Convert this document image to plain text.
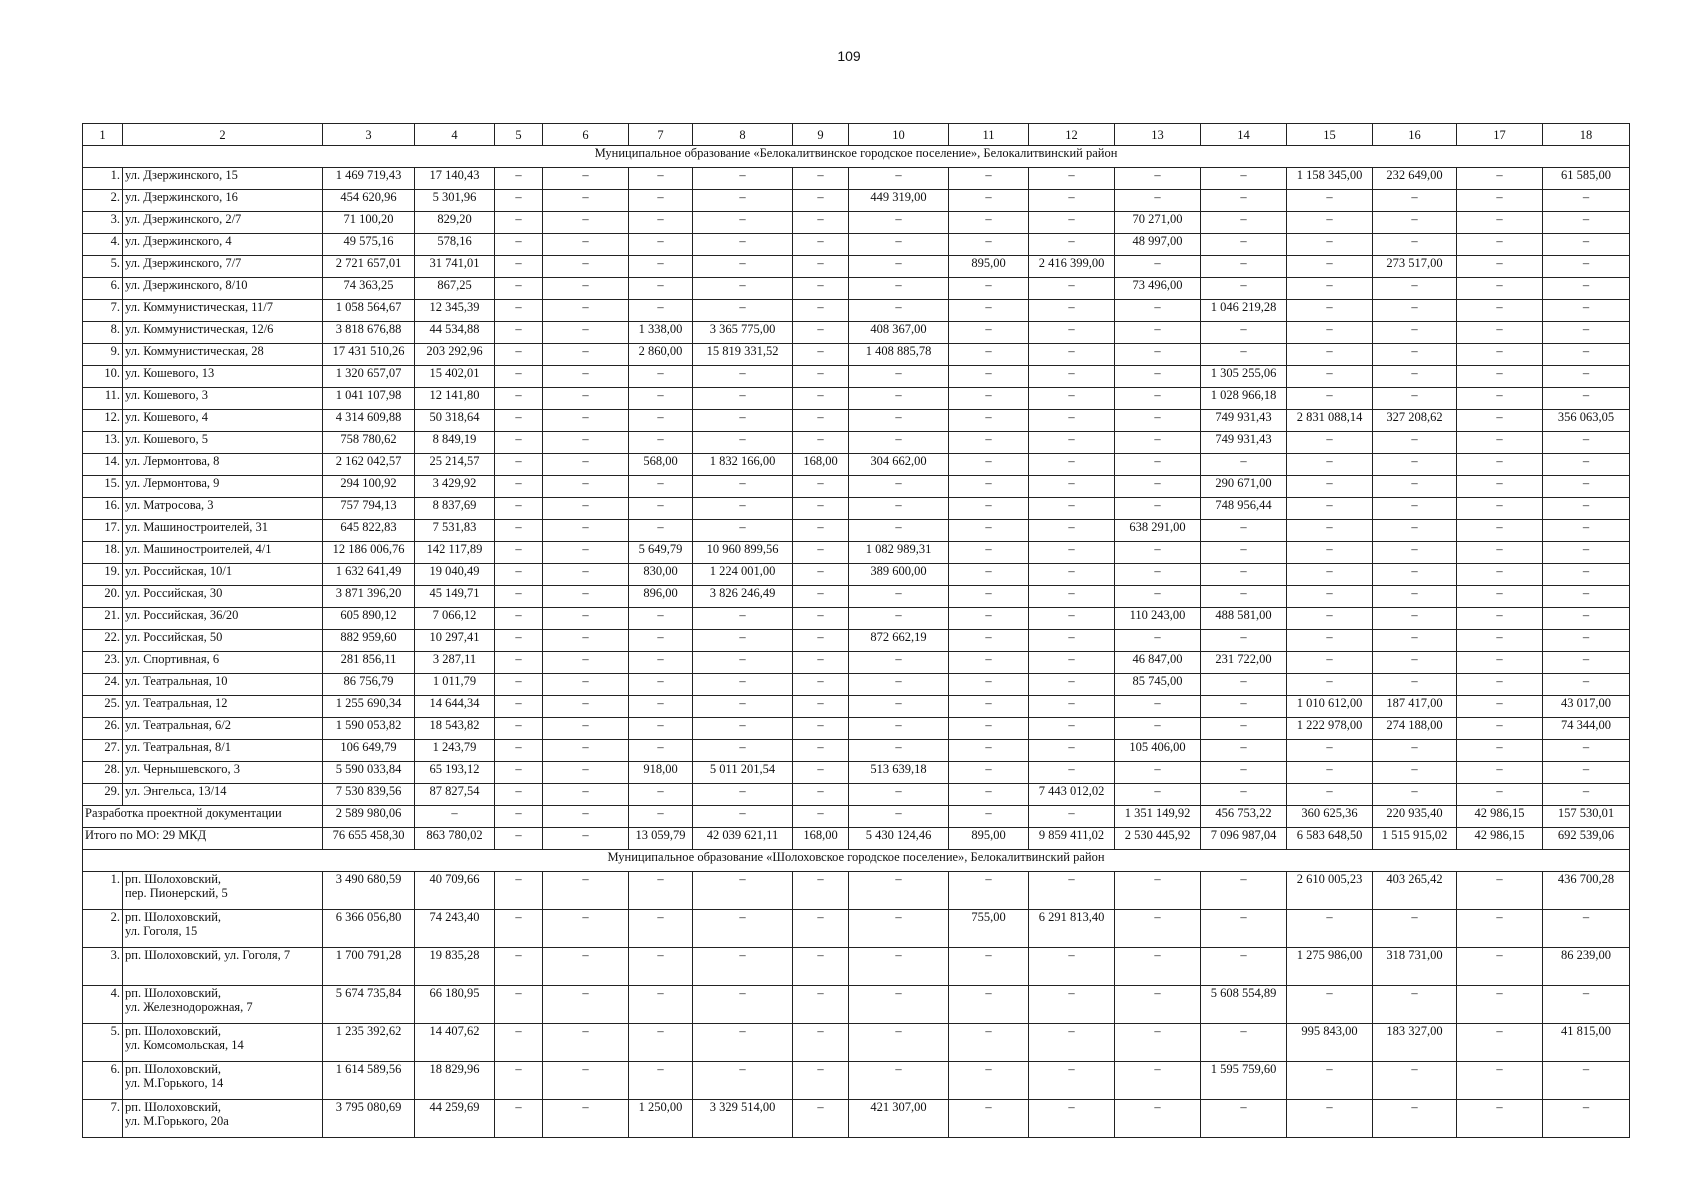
109
1	2	3	4	5	6	7	8	9	10	11	12	13	14	15	16	17	18
Муниципальное образование «Белокалитвинское городское поселение», Белокалитвинский район																	
1.	ул. Дзержинского, 15	1 469 719,43	17 140,43	–	–	–	–	–	–	–	–	–	–	1 158 345,00	232 649,00	–	61 585,00
2.	ул. Дзержинского, 16	454 620,96	5 301,96	–	–	–	–	–	449 319,00	–	–	–	–	–	–	–	–
3.	ул. Дзержинского, 2/7	71 100,20	829,20	–	–	–	–	–	–	–	–	70 271,00	–	–	–	–	–
4.	ул. Дзержинского, 4	49 575,16	578,16	–	–	–	–	–	–	–	–	48 997,00	–	–	–	–	–
5.	ул. Дзержинского, 7/7	2 721 657,01	31 741,01	–	–	–	–	–	–	895,00	2 416 399,00	–	–	–	273 517,00	–	–
6.	ул. Дзержинского, 8/10	74 363,25	867,25	–	–	–	–	–	–	–	–	73 496,00	–	–	–	–	–
7.	ул. Коммунистическая, 11/7	1 058 564,67	12 345,39	–	–	–	–	–	–	–	–	–	1 046 219,28	–	–	–	–
8.	ул. Коммунистическая, 12/6	3 818 676,88	44 534,88	–	–	1 338,00	3 365 775,00	–	408 367,00	–	–	–	–	–	–	–	–
9.	ул. Коммунистическая, 28	17 431 510,26	203 292,96	–	–	2 860,00	15 819 331,52	–	1 408 885,78	–	–	–	–	–	–	–	–
10.	ул. Кошевого, 13	1 320 657,07	15 402,01	–	–	–	–	–	–	–	–	–	1 305 255,06	–	–	–	–
11.	ул. Кошевого, 3	1 041 107,98	12 141,80	–	–	–	–	–	–	–	–	–	1 028 966,18	–	–	–	–
12.	ул. Кошевого, 4	4 314 609,88	50 318,64	–	–	–	–	–	–	–	–	–	749 931,43	2 831 088,14	327 208,62	–	356 063,05
13.	ул. Кошевого, 5	758 780,62	8 849,19	–	–	–	–	–	–	–	–	–	749 931,43	–	–	–	–
14.	ул. Лермонтова, 8	2 162 042,57	25 214,57	–	–	568,00	1 832 166,00	168,00	304 662,00	–	–	–	–	–	–	–	–
15.	ул. Лермонтова, 9	294 100,92	3 429,92	–	–	–	–	–	–	–	–	–	290 671,00	–	–	–	–
16.	ул. Матросова, 3	757 794,13	8 837,69	–	–	–	–	–	–	–	–	–	748 956,44	–	–	–	–
17.	ул. Машиностроителей, 31	645 822,83	7 531,83	–	–	–	–	–	–	–	–	638 291,00	–	–	–	–	–
18.	ул. Машиностроителей, 4/1	12 186 006,76	142 117,89	–	–	5 649,79	10 960 899,56	–	1 082 989,31	–	–	–	–	–	–	–	–
19.	ул. Российская, 10/1	1 632 641,49	19 040,49	–	–	830,00	1 224 001,00	–	389 600,00	–	–	–	–	–	–	–	–
20.	ул. Российская, 30	3 871 396,20	45 149,71	–	–	896,00	3 826 246,49	–	–	–	–	–	–	–	–	–	–
21.	ул. Российская, 36/20	605 890,12	7 066,12	–	–	–	–	–	–	–	–	110 243,00	488 581,00	–	–	–	–
22.	ул. Российская, 50	882 959,60	10 297,41	–	–	–	–	–	872 662,19	–	–	–	–	–	–	–	–
23.	ул. Спортивная, 6	281 856,11	3 287,11	–	–	–	–	–	–	–	–	46 847,00	231 722,00	–	–	–	–
24.	ул. Театральная, 10	86 756,79	1 011,79	–	–	–	–	–	–	–	–	85 745,00	–	–	–	–	–
25.	ул. Театральная, 12	1 255 690,34	14 644,34	–	–	–	–	–	–	–	–	–	–	1 010 612,00	187 417,00	–	43 017,00
26.	ул. Театральная, 6/2	1 590 053,82	18 543,82	–	–	–	–	–	–	–	–	–	–	1 222 978,00	274 188,00	–	74 344,00
27.	ул. Театральная, 8/1	106 649,79	1 243,79	–	–	–	–	–	–	–	–	105 406,00	–	–	–	–	–
28.	ул. Чернышевского, 3	5 590 033,84	65 193,12	–	–	918,00	5 011 201,54	–	513 639,18	–	–	–	–	–	–	–	–
29.	ул. Энгельса, 13/14	7 530 839,56	87 827,54	–	–	–	–	–	–	–	7 443 012,02	–	–	–	–	–	–
Разработка проектной документации		2 589 980,06	–	–	–	–	–	–	–	–	–	1 351 149,92	456 753,22	360 625,36	220 935,40	42 986,15	157 530,01
Итого по МО: 29 МКД		76 655 458,30	863 780,02	–	–	13 059,79	42 039 621,11	168,00	5 430 124,46	895,00	9 859 411,02	2 530 445,92	7 096 987,04	6 583 648,50	1 515 915,02	42 986,15	692 539,06
Муниципальное образование «Шолоховское городское поселение», Белокалитвинский район																	
1.	рп. Шолоховский,
пер. Пионерский, 5	3 490 680,59	40 709,66	–	–	–	–	–	–	–	–	–	–	2 610 005,23	403 265,42	–	436 700,28
2.	рп. Шолоховский,
ул. Гоголя, 15	6 366 056,80	74 243,40	–	–	–	–	–	–	755,00	6 291 813,40	–	–	–	–	–	–
3.	рп. Шолоховский, ул. Гоголя, 7	1 700 791,28	19 835,28	–	–	–	–	–	–	–	–	–	–	1 275 986,00	318 731,00	–	86 239,00
4.	рп. Шолоховский,
ул. Железнодорожная, 7	5 674 735,84	66 180,95	–	–	–	–	–	–	–	–	–	5 608 554,89	–	–	–	–
5.	рп. Шолоховский,
ул. Комсомольская, 14	1 235 392,62	14 407,62	–	–	–	–	–	–	–	–	–	–	995 843,00	183 327,00	–	41 815,00
6.	рп. Шолоховский,
ул. М.Горького, 14	1 614 589,56	18 829,96	–	–	–	–	–	–	–	–	–	1 595 759,60	–	–	–	–
7.	рп. Шолоховский,
ул. М.Горького, 20а	3 795 080,69	44 259,69	–	–	1 250,00	3 329 514,00	–	421 307,00	–	–	–	–	–	–	–	–
